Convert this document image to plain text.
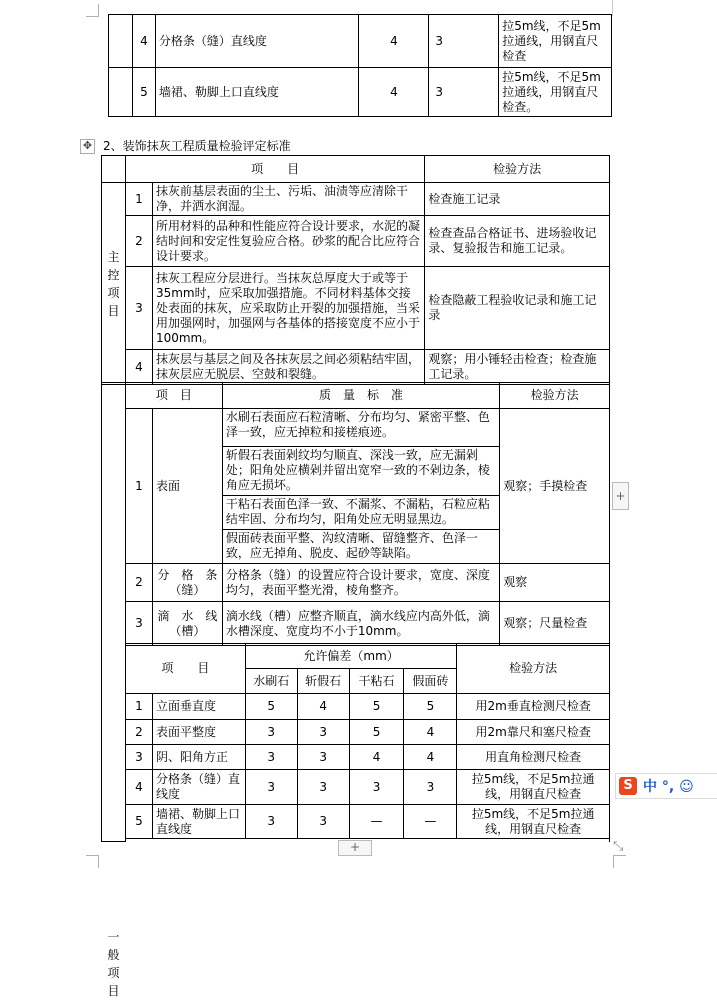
	4	分格条（缝）直线度	4	3	拉5m线，不足5m拉通线，用钢直尺检查
	5	墙裙、勒脚上口直线度	4	3	拉5m线，不足5m拉通线，用钢直尺检查。
✥ 2、装饰抹灰工程质量检验评定标准
	项　　目		检验方法
主控项目	1	抹灰前基层表面的尘土、污垢、油渍等应清除干净，并洒水润湿。	检查施工记录
	2	所用材料的品种和性能应符合设计要求，水泥的凝结时间和安定性复验应合格。砂浆的配合比应符合设计要求。	检查查品合格证书、进场验收记录、复验报告和施工记录。
	3	抹灰工程应分层进行。当抹灰总厚度大于或等于35mm时，应采取加强措施。不同材料基体交接处表面的抹灰，应采取防止开裂的加强措施，当采用加强网时，加强网与各基体的搭接宽度不应小于100mm。	检查隐蔽工程验收记录和施工记录
	4	抹灰层与基层之间及各抹灰层之间必须粘结牢固，抹灰层应无脱层、空鼓和裂缝。	观察；用小锤轻击检查；检查施工记录。
一般项目	项　目		质　量　标　准	检验方法
	1	表面	水刷石表面应石粒清晰、分布均匀、紧密平整、色泽一致，应无掉粒和接槎痕迹。
斩假石表面剁纹均匀顺直、深浅一致，应无漏剁处；阳角处应横剁并留出宽窄一致的不剁边条，棱角应无损坏。
干粘石表面色泽一致、不漏浆、不漏粘，石粒应粘结牢固、分布均匀，阳角处应无明显黑边。
假面砖表面平整、沟纹清晰、留缝整齐、色泽一致，应无掉角、脱皮、起砂等缺陷。	观察；手摸检查
	2	分　格　条（缝）	分格条（缝）的设置应符合设计要求，宽度、深度均匀，表面平整光滑，棱角整齐。	观察
	3	滴　水　线（槽）	滴水线（槽）应整齐顺直，滴水线应内高外低，滴水槽深度、宽度均不小于10mm。	观察；尺量检查

项　　目		允许偏差（mm）				检验方法
		水刷石	斩假石	干粘石	假面砖	
1	立面垂直度	5	4	5	5	用2m垂直检测尺检查
2	表面平整度	3	3	5	4	用2m靠尺和塞尺检查
3	阴、阳角方正	3	3	4	4	用直角检测尺检查
4	分格条（缝）直线度	3	3	3	3	拉5m线，不足5m拉通线，用钢直尺检查
5	墙裙、勒脚上口直线度	3	3	—	—	拉5m线，不足5m拉通线，用钢直尺检查
+
+
S 中 °, ☺
⤡
